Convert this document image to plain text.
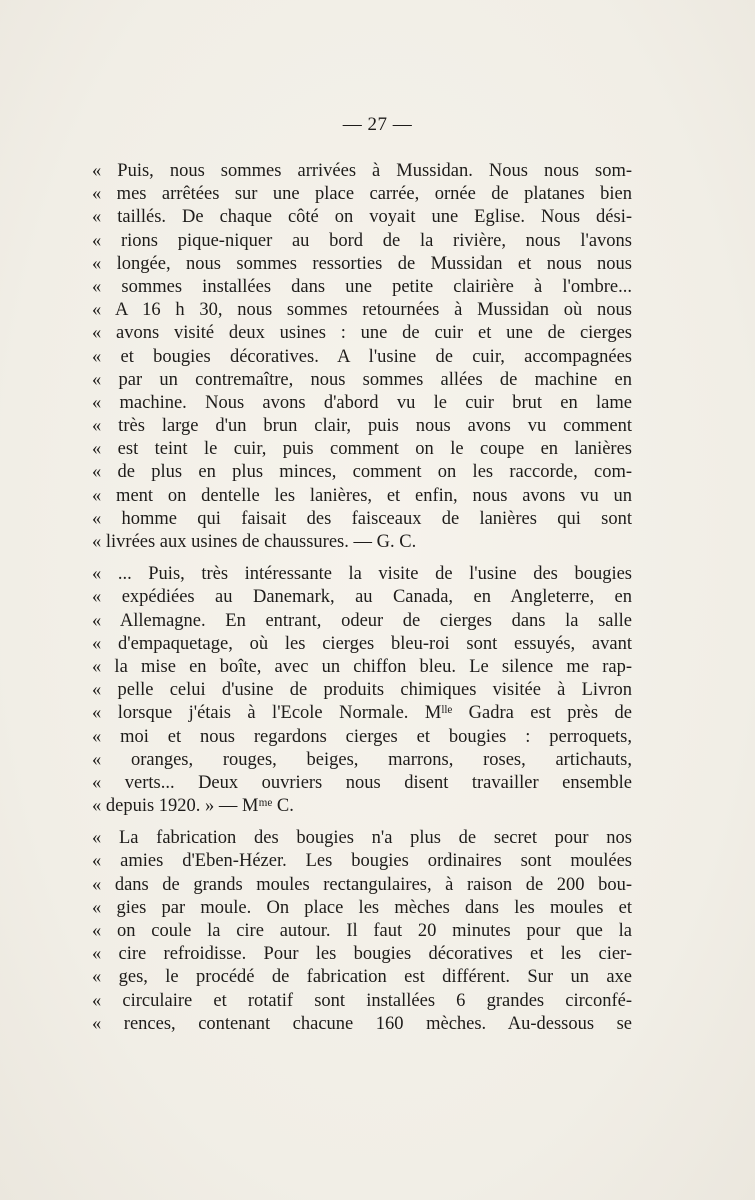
— 27 —
« Puis, nous sommes arrivées à Mussidan. Nous nous som-
« mes arrêtées sur une place carrée, ornée de platanes bien
« taillés. De chaque côté on voyait une Eglise. Nous dési-
« rions pique-niquer au bord de la rivière, nous l'avons
« longée, nous sommes ressorties de Mussidan et nous nous
« sommes installées dans une petite clairière à l'ombre...
« A 16 h 30, nous sommes retournées à Mussidan où nous
« avons visité deux usines : une de cuir et une de cierges
« et bougies décoratives. A l'usine de cuir, accompagnées
« par un contremaître, nous sommes allées de machine en
« machine. Nous avons d'abord vu le cuir brut en lame
« très large d'un brun clair, puis nous avons vu comment
« est teint le cuir, puis comment on le coupe en lanières
« de plus en plus minces, comment on les raccorde, com-
« ment on dentelle les lanières, et enfin, nous avons vu un
« homme qui faisait des faisceaux de lanières qui sont
« livrées aux usines de chaussures. — G. C.
« ... Puis, très intéressante la visite de l'usine des bougies
« expédiées au Danemark, au Canada, en Angleterre, en
« Allemagne. En entrant, odeur de cierges dans la salle
« d'empaquetage, où les cierges bleu-roi sont essuyés, avant
« la mise en boîte, avec un chiffon bleu. Le silence me rap-
« pelle celui d'usine de produits chimiques visitée à Livron
« lorsque j'étais à l'Ecole Normale. Mˡˡᵉ Gadra est près de
« moi et nous regardons cierges et bougies : perroquets,
« oranges, rouges, beiges, marrons, roses, artichauts,
« verts... Deux ouvriers nous disent travailler ensemble
« depuis 1920. » — Mᵐᵉ C.
« La fabrication des bougies n'a plus de secret pour nos
« amies d'Eben-Hézer. Les bougies ordinaires sont moulées
« dans de grands moules rectangulaires, à raison de 200 bou-
« gies par moule. On place les mèches dans les moules et
« on coule la cire autour. Il faut 20 minutes pour que la
« cire refroidisse. Pour les bougies décoratives et les cier-
« ges, le procédé de fabrication est différent. Sur un axe
« circulaire et rotatif sont installées 6 grandes circonfé-
« rences, contenant chacune 160 mèches. Au-dessous se
